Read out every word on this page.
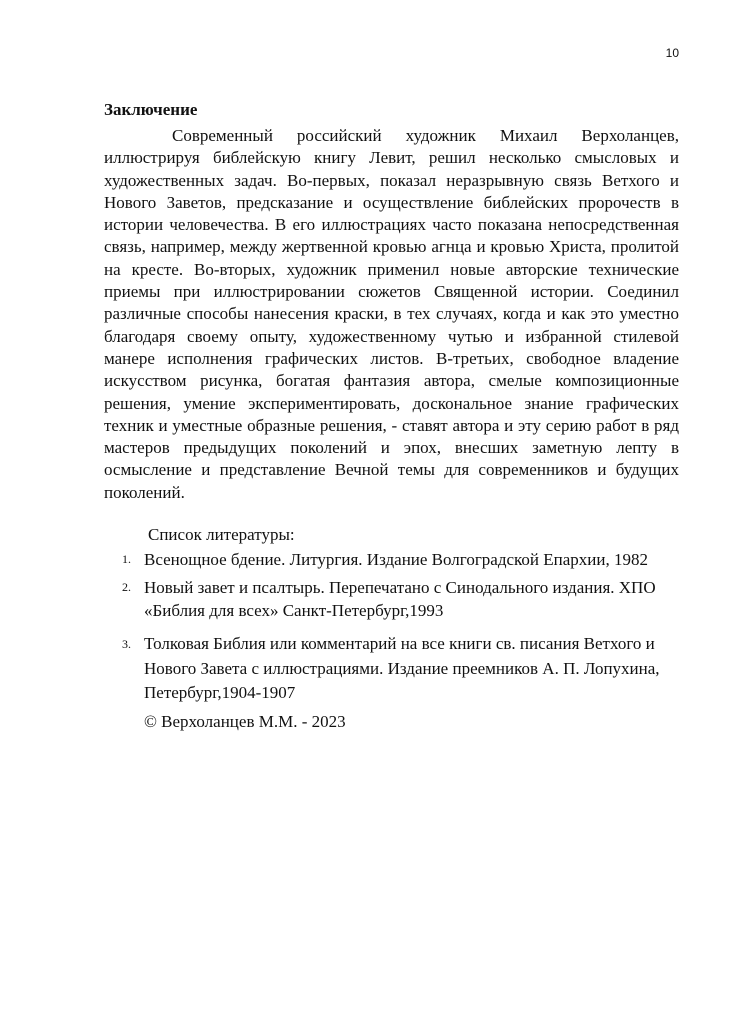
10
Заключение

Современный российский художник Михаил Верхоланцев, иллюстрируя библейскую книгу Левит, решил несколько смысловых и художественных задач. Во-первых, показал неразрывную связь Ветхого и Нового Заветов, предсказание и осуществление библейских пророчеств в истории человечества. В его иллюстрациях часто показана непосредственная связь, например, между жертвенной кровью агнца и кровью Христа, пролитой на кресте. Во-вторых, художник применил новые авторские технические приемы при иллюстрировании сюжетов Священной истории. Соединил различные способы нанесения краски, в тех случаях, когда и как это уместно благодаря своему опыту, художественному чутью и избранной стилевой манере исполнения графических листов. В-третьих, свободное владение искусством рисунка, богатая фантазия автора, смелые композиционные решения, умение экспериментировать, доскональное знание графических техник и уместные образные решения, - ставят автора и эту серию работ в ряд мастеров предыдущих поколений и эпох, внесших заметную лепту в осмысление и представление Вечной темы для современников и будущих поколений.

Список литературы:
1. Всенощное бдение. Литургия. Издание Волгоградской Епархии, 1982
2. Новый завет и псалтырь. Перепечатано с Синодального издания. ХПО «Библия для всех» Санкт-Петербург,1993
3. Толковая Библия или комментарий на все книги св. писания Ветхого и Нового Завета с иллюстрациями. Издание преемников А. П. Лопухина, Петербург,1904-1907
© Верхоланцев М.М. - 2023
